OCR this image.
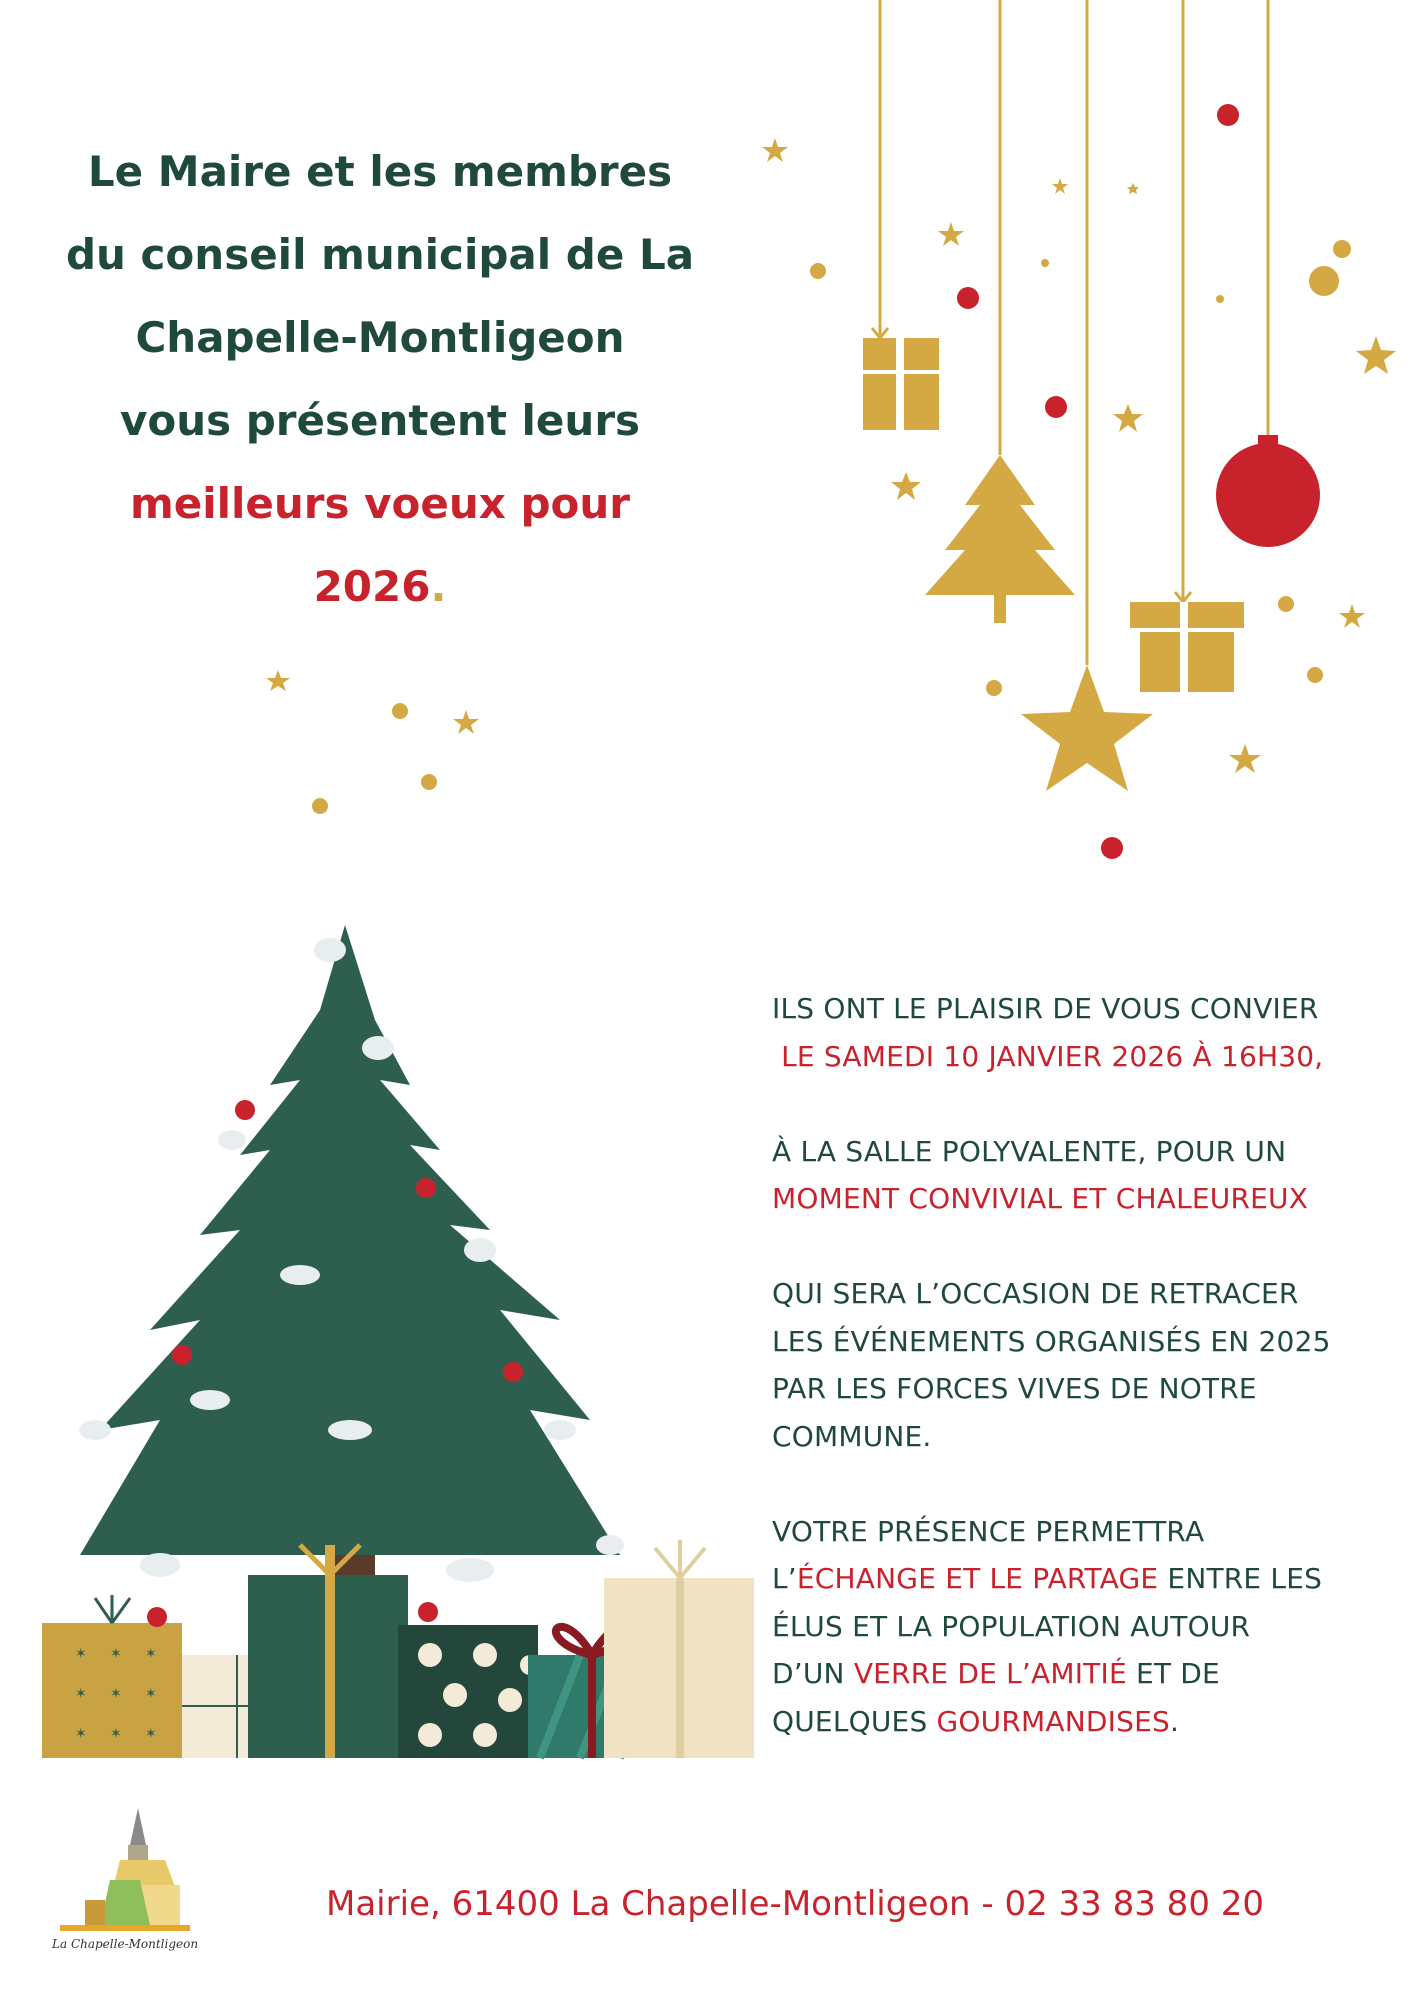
✶ ✶ ✶
✶ ✶ ✶
✶ ✶ ✶
Le Maire et les membres
du conseil municipal de La
Chapelle-Montligeon
vous présentent leurs
meilleurs voeux pour
2026.
ILS ONT LE PLAISIR DE VOUS CONVIER
LE SAMEDI 10 JANVIER 2026 À 16H30,
À LA SALLE POLYVALENTE, POUR UN
MOMENT CONVIVIAL ET CHALEUREUX
QUI SERA L’OCCASION DE RETRACER
LES ÉVÉNEMENTS ORGANISÉS EN 2025
PAR LES FORCES VIVES DE NOTRE
COMMUNE.
VOTRE PRÉSENCE PERMETTRA
L’ÉCHANGE ET LE PARTAGE ENTRE LES
ÉLUS ET LA POPULATION AUTOUR
D’UN VERRE DE L’AMITIÉ ET DE
QUELQUES GOURMANDISES.
La Chapelle-Montligeon
Mairie, 61400 La Chapelle-Montligeon - 02 33 83 80 20
